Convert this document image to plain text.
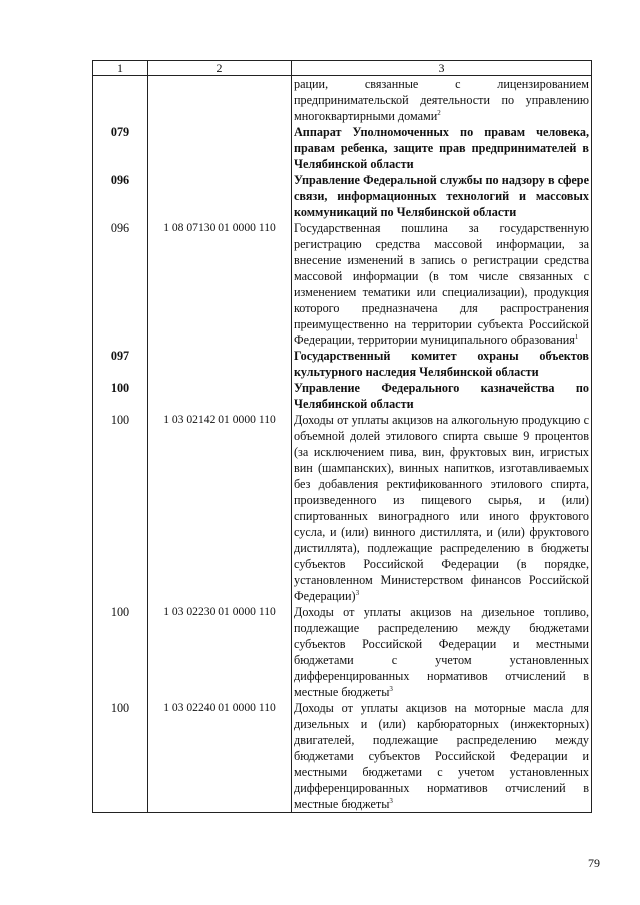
1	2	3
		рации, связанные с лицензированием предпринимательской деятельности по управлению многоквартирными домами$^2$
079		Аппарат Уполномоченных по правам человека, правам ребенка, защите прав предпринимателей в Челябинской области
096		Управление Федеральной службы по надзору в сфере связи, информационных технологий и массовых коммуникаций по Челябинской области
096	1 08 07130 01 0000 110	Государственная пошлина за государственную регистрацию средства массовой информации, за внесение изменений в запись о регистрации средства массовой информации (в том числе связанных с изменением тематики или специализации), продукция которого предназначена для распространения преимущественно на территории субъекта Российской Федерации, территории муниципального образования$^1$
097		Государственный комитет охраны объектов культурного наследия Челябинской области
100		Управление Федерального казначейства по Челябинской области
100	1 03 02142 01 0000 110	Доходы от уплаты акцизов на алкогольную продукцию с объемной долей этилового спирта свыше 9 процентов (за исключением пива, вин, фруктовых вин, игристых вин (шампанских), винных напитков, изготавливаемых без добавления ректификованного этилового спирта, произведенного из пищевого сырья, и (или) спиртованных виноградного или иного фруктового сусла, и (или) винного дистиллята, и (или) фруктового дистиллята), подлежащие распределению в бюджеты субъектов Российской Федерации (в порядке, установленном Министерством финансов Российской Федерации)$^3$
100	1 03 02230 01 0000 110	Доходы от уплаты акцизов на дизельное топливо, подлежащие распределению между бюджетами субъектов Российской Федерации и местными бюджетами с учетом установленных дифференцированных нормативов отчислений в местные бюджеты$^3$
100	1 03 02240 01 0000 110	Доходы от уплаты акцизов на моторные масла для дизельных и (или) карбюраторных (инжекторных) двигателей, подлежащие распределению между бюджетами субъектов Российской Федерации и местными бюджетами с учетом установленных дифференцированных нормативов отчислений в местные бюджеты$^3$
79
